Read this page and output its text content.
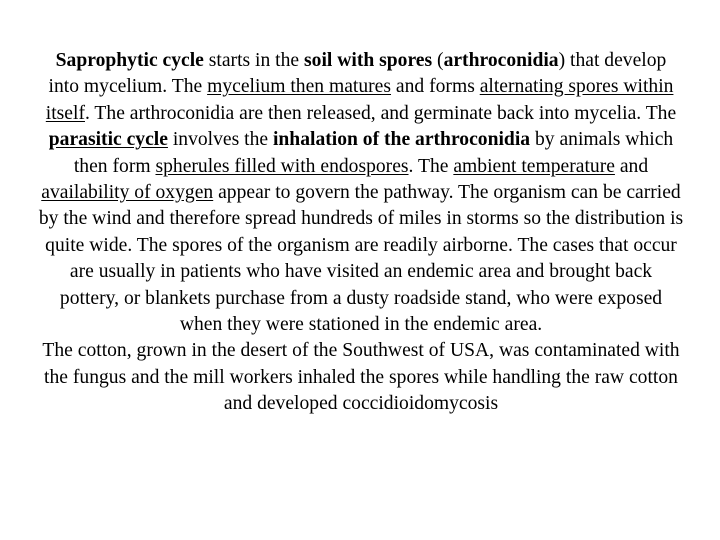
Saprophytic cycle starts in the soil with spores (arthroconidia) that develop into mycelium. The mycelium then matures and forms alternating spores within itself. The arthroconidia are then released, and germinate back into mycelia. The parasitic cycle involves the inhalation of the arthroconidia by animals which then form spherules filled with endospores. The ambient temperature and availability of oxygen appear to govern the pathway. The organism can be carried by the wind and therefore spread hundreds of miles in storms so the distribution is quite wide. The spores of the organism are readily airborne. The cases that occur are usually in patients who have visited an endemic area and brought back pottery, or blankets purchase from a dusty roadside stand, who were exposed when they were stationed in the endemic area.

The cotton, grown in the desert of the Southwest of USA, was contaminated with the fungus and the mill workers inhaled the spores while handling the raw cotton and developed coccidioidomycosis
